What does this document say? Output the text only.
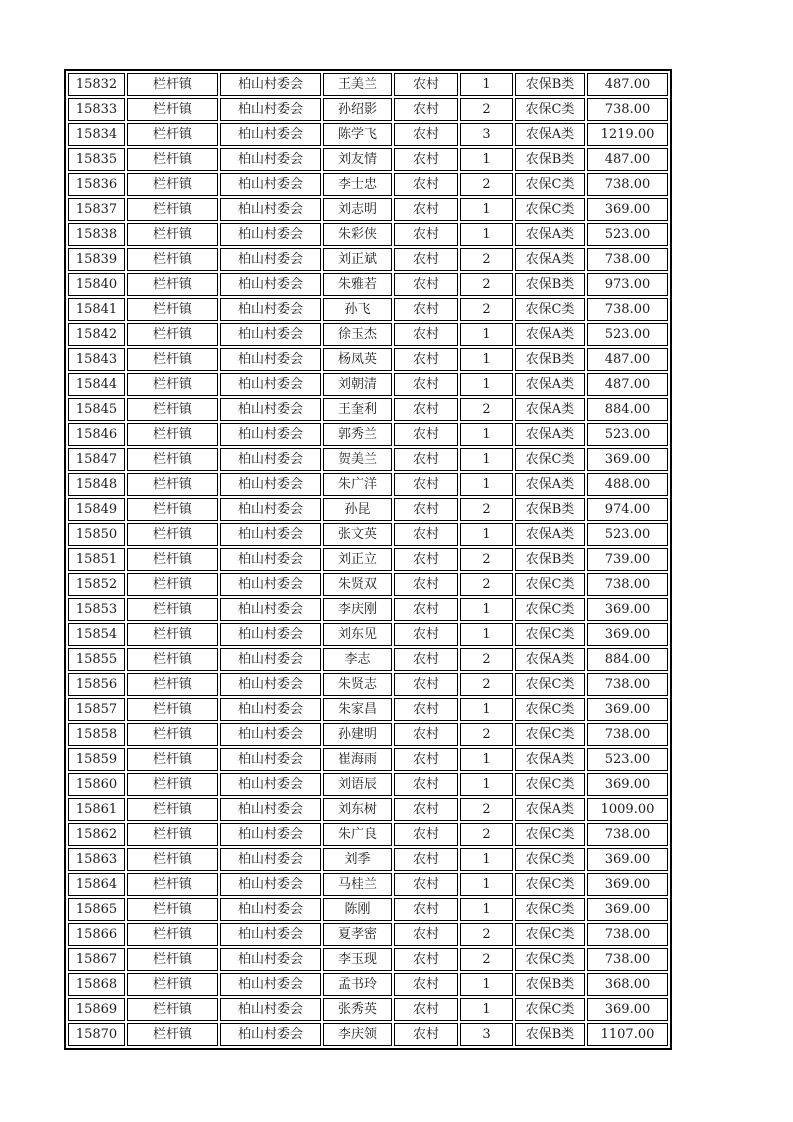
15832	栏杆镇	柏山村委会	王美兰	农村	1	农保B类	487.00
15833	栏杆镇	柏山村委会	孙绍影	农村	2	农保C类	738.00
15834	栏杆镇	柏山村委会	陈学飞	农村	3	农保A类	1219.00
15835	栏杆镇	柏山村委会	刘友情	农村	1	农保B类	487.00
15836	栏杆镇	柏山村委会	李士忠	农村	2	农保C类	738.00
15837	栏杆镇	柏山村委会	刘志明	农村	1	农保C类	369.00
15838	栏杆镇	柏山村委会	朱彩侠	农村	1	农保A类	523.00
15839	栏杆镇	柏山村委会	刘正斌	农村	2	农保A类	738.00
15840	栏杆镇	柏山村委会	朱雅若	农村	2	农保B类	973.00
15841	栏杆镇	柏山村委会	孙飞	农村	2	农保C类	738.00
15842	栏杆镇	柏山村委会	徐玉杰	农村	1	农保A类	523.00
15843	栏杆镇	柏山村委会	杨凤英	农村	1	农保B类	487.00
15844	栏杆镇	柏山村委会	刘朝清	农村	1	农保A类	487.00
15845	栏杆镇	柏山村委会	王奎利	农村	2	农保A类	884.00
15846	栏杆镇	柏山村委会	郭秀兰	农村	1	农保A类	523.00
15847	栏杆镇	柏山村委会	贺美兰	农村	1	农保C类	369.00
15848	栏杆镇	柏山村委会	朱广洋	农村	1	农保A类	488.00
15849	栏杆镇	柏山村委会	孙昆	农村	2	农保B类	974.00
15850	栏杆镇	柏山村委会	张文英	农村	1	农保A类	523.00
15851	栏杆镇	柏山村委会	刘正立	农村	2	农保B类	739.00
15852	栏杆镇	柏山村委会	朱贤双	农村	2	农保C类	738.00
15853	栏杆镇	柏山村委会	李庆刚	农村	1	农保C类	369.00
15854	栏杆镇	柏山村委会	刘东见	农村	1	农保C类	369.00
15855	栏杆镇	柏山村委会	李志	农村	2	农保A类	884.00
15856	栏杆镇	柏山村委会	朱贤志	农村	2	农保C类	738.00
15857	栏杆镇	柏山村委会	朱家昌	农村	1	农保C类	369.00
15858	栏杆镇	柏山村委会	孙建明	农村	2	农保C类	738.00
15859	栏杆镇	柏山村委会	崔海雨	农村	1	农保A类	523.00
15860	栏杆镇	柏山村委会	刘语辰	农村	1	农保C类	369.00
15861	栏杆镇	柏山村委会	刘东树	农村	2	农保A类	1009.00
15862	栏杆镇	柏山村委会	朱广良	农村	2	农保C类	738.00
15863	栏杆镇	柏山村委会	刘季	农村	1	农保C类	369.00
15864	栏杆镇	柏山村委会	马桂兰	农村	1	农保C类	369.00
15865	栏杆镇	柏山村委会	陈刚	农村	1	农保C类	369.00
15866	栏杆镇	柏山村委会	夏孝密	农村	2	农保C类	738.00
15867	栏杆镇	柏山村委会	李玉现	农村	2	农保C类	738.00
15868	栏杆镇	柏山村委会	孟书玲	农村	1	农保B类	368.00
15869	栏杆镇	柏山村委会	张秀英	农村	1	农保C类	369.00
15870	栏杆镇	柏山村委会	李庆领	农村	3	农保B类	1107.00
